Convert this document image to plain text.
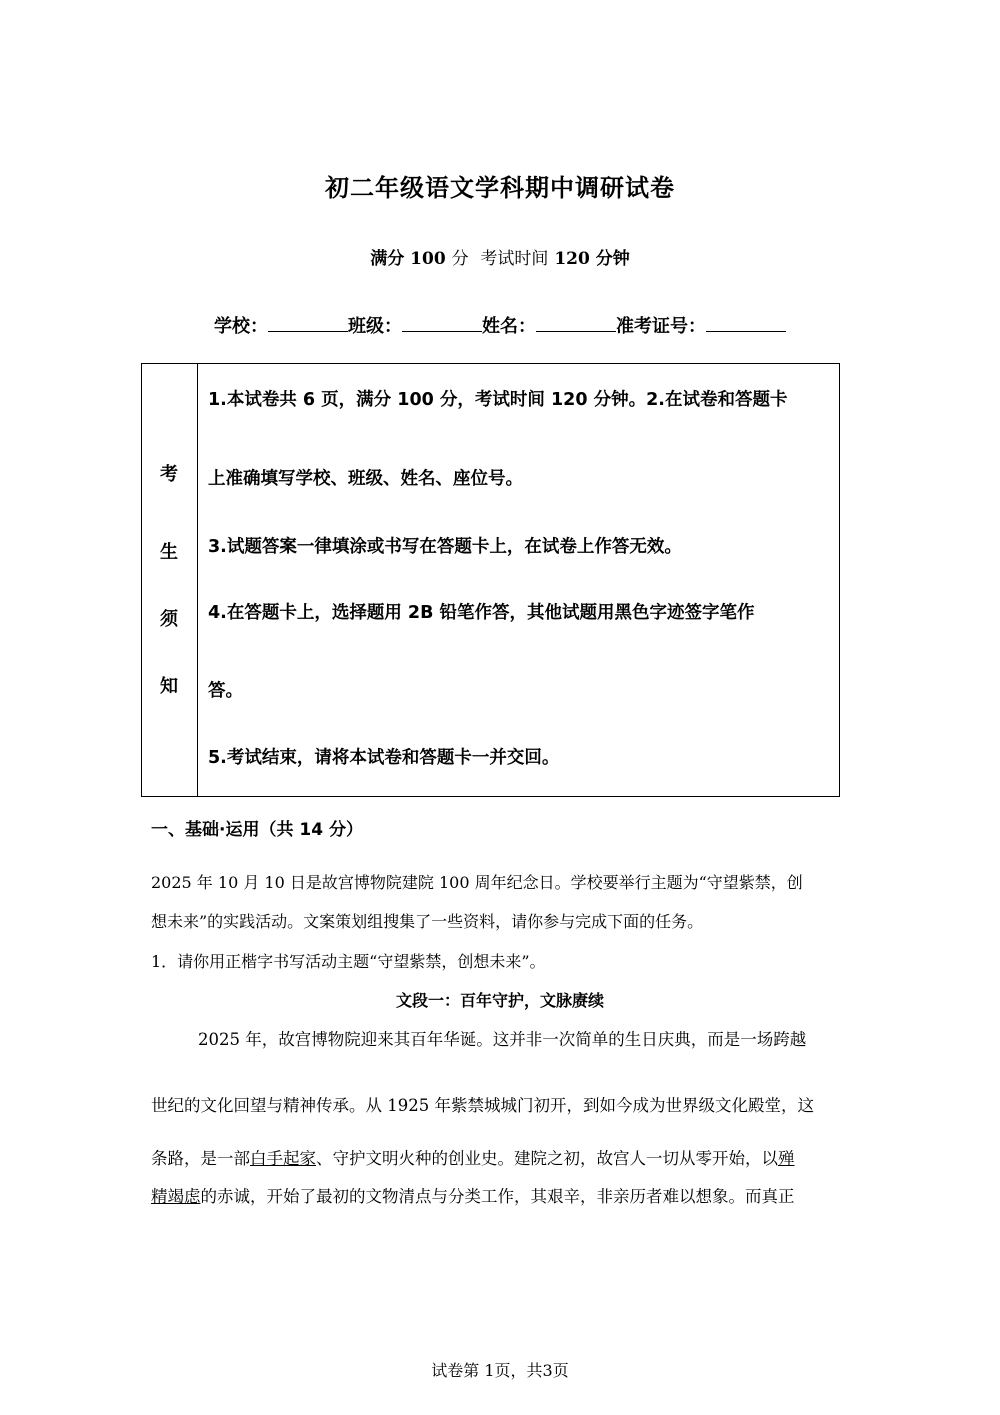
初二年级语文学科期中调研试卷
满分 100 分 考试时间 120 分钟
学校：	班级：	姓名：	准考证号：
考
生
须
知
1.本试卷共 6 页，满分 100 分，考试时间 120 分钟。2.在试卷和答题卡
上准确填写学校、班级、姓名、座位号。
3.试题答案一律填涂或书写在答题卡上，在试卷上作答无效。
4.在答题卡上，选择题用 2B 铅笔作答，其他试题用黑色字迹签字笔作
答。
5.考试结束，请将本试卷和答题卡一并交回。
一、基础·运用（共 14 分）
2025 年 10 月 10 日是故宫博物院建院 100 周年纪念日。学校要举行主题为“守望紫禁，创
想未来”的实践活动。文案策划组搜集了一些资料，请你参与完成下面的任务。
1．请你用正楷字书写活动主题“守望紫禁，创想未来”。
文段一：百年守护，文脉赓续
2025 年，故宫博物院迎来其百年华诞。这并非一次简单的生日庆典，而是一场跨越
世纪的文化回望与精神传承。从 1925 年紫禁城城门初开，到如今成为世界级文化殿堂，这
条路，是一部白手起家、守护文明火种的创业史。建院之初，故宫人一切从零开始，以殚
精竭虑的赤诚，开始了最初的文物清点与分类工作，其艰辛，非亲历者难以想象。而真正
试卷第 1页，共3页
